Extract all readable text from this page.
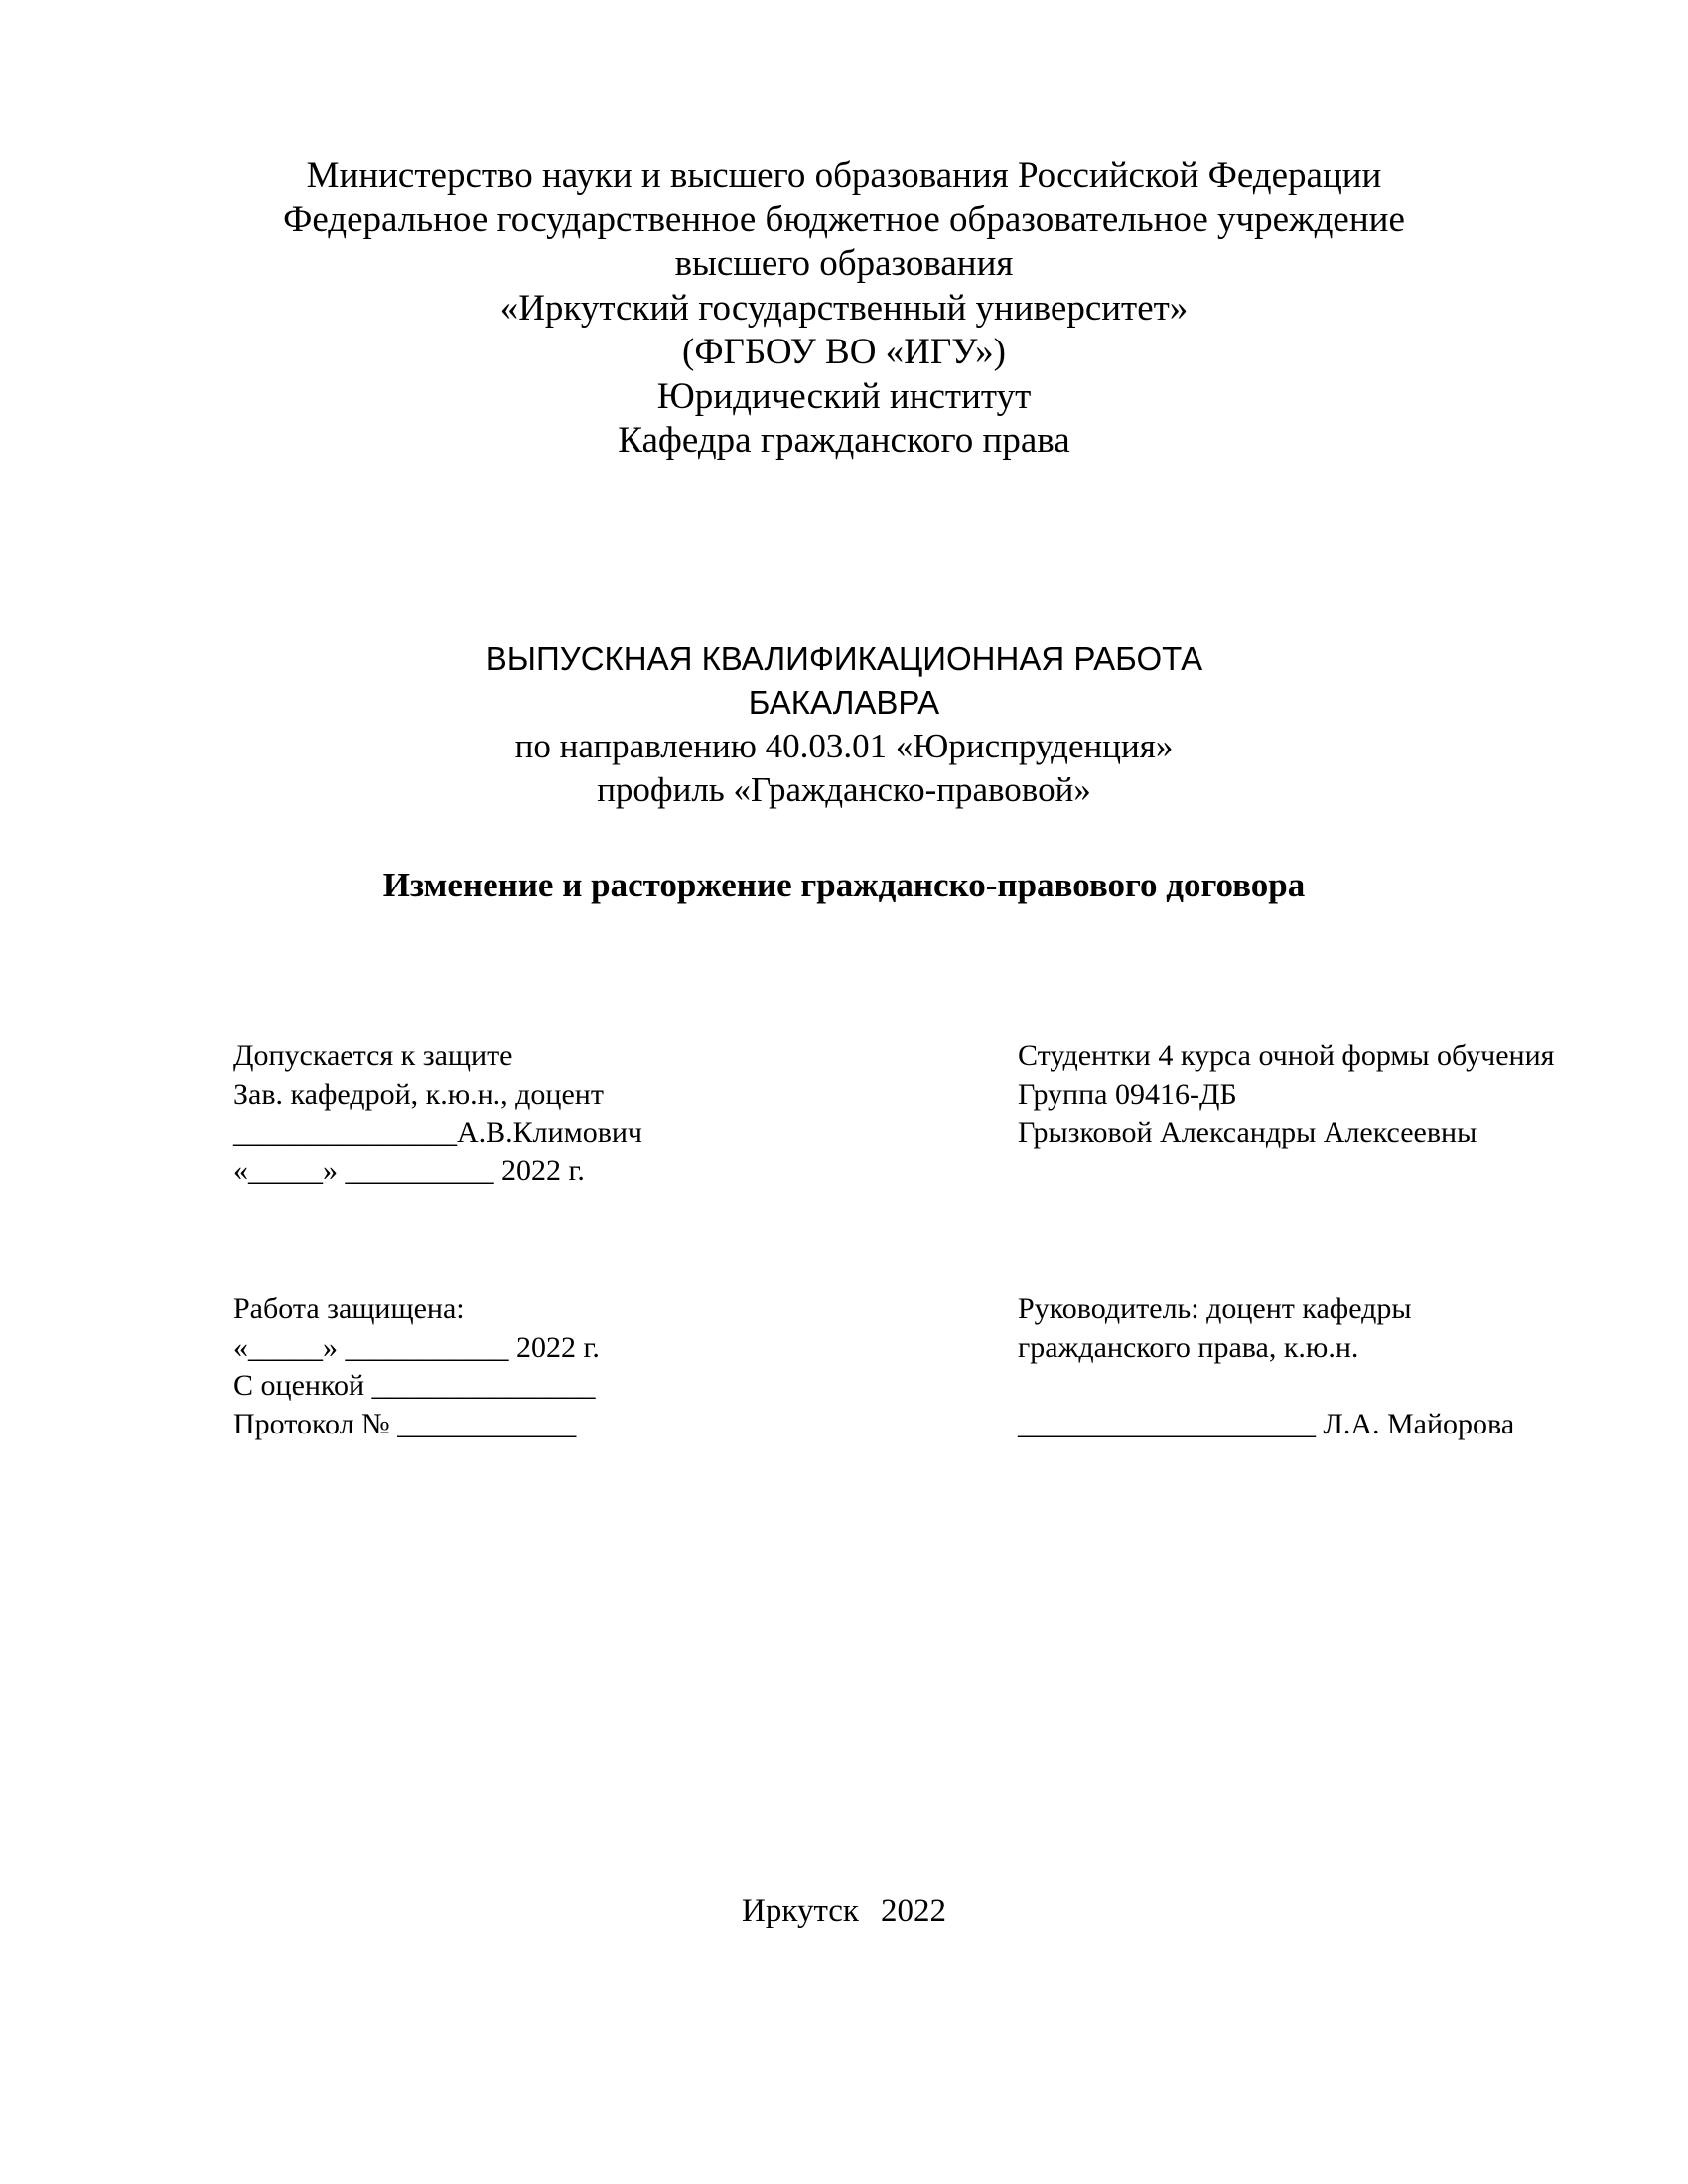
Министерство науки и высшего образования Российской Федерации
Федеральное государственное бюджетное образовательное учреждение
высшего образования
«Иркутский государственный университет»
(ФГБОУ ВО «ИГУ»)
Юридический институт
Кафедра гражданского права
ВЫПУСКНАЯ КВАЛИФИКАЦИОННАЯ РАБОТА
БАКАЛАВРА
по направлению 40.03.01 «Юриспруденция»
профиль «Гражданско-правовой»
Изменение и расторжение гражданско-правового договора
Допускается к защите
Зав. кафедрой, к.ю.н., доцент
_______________А.В.Климович
«_____» __________ 2022 г.
Студентки 4 курса очной формы обучения
Группа 09416-ДБ
Грызковой Александры Алексеевны
Работа защищена:
«_____» ___________ 2022 г.
С оценкой _______________
Протокол № ____________
Руководитель: доцент кафедры
гражданского права, к.ю.н.
____________________ Л.А. Майорова
Иркутск 2022
